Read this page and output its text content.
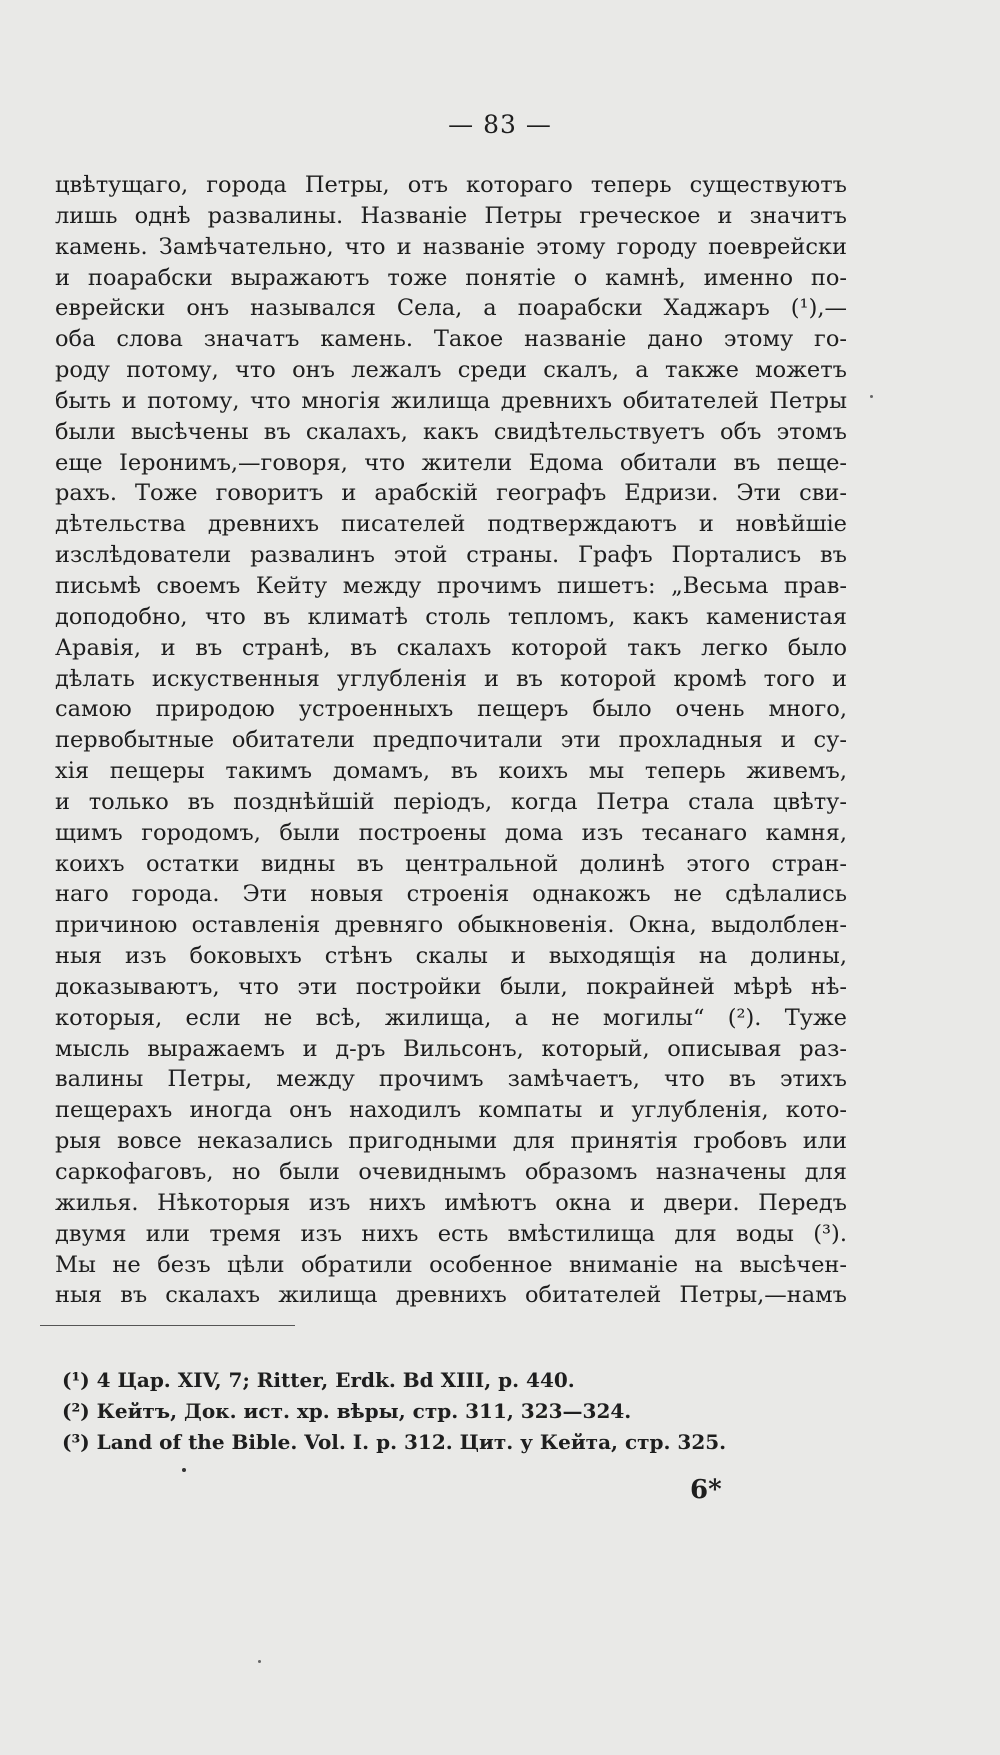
— 83 —
цвѣтущаго, города Петры, отъ котораго теперь существуютъ
лишь однѣ развалины. Названіе Петры греческое и значитъ
камень. Замѣчательно, что и названіе этому городу поеврейски
и поарабски выражаютъ тоже понятіе о камнѣ, именно по-
еврейски онъ назывался Села, а поарабски Хаджаръ (¹),—
оба слова значатъ камень. Такое названіе дано этому го-
роду потому, что онъ лежалъ среди скалъ, а также можетъ
быть и потому, что многія жилища древнихъ обитателей Петры
были высѣчены въ скалахъ, какъ свидѣтельствуетъ объ этомъ
еще Іеронимъ,—говоря, что жители Едома обитали въ пеще-
рахъ. Тоже говоритъ и арабскій географъ Едризи. Эти сви-
дѣтельства древнихъ писателей подтверждаютъ и новѣйшіе
изслѣдователи развалинъ этой страны. Графъ Порталисъ въ
письмѣ своемъ Кейту между прочимъ пишетъ: „Весьма прав-
доподобно, что въ климатѣ столь тепломъ, какъ каменистая
Аравія, и въ странѣ, въ скалахъ которой такъ легко было
дѣлать искуственныя углубленія и въ которой кромѣ того и
самою природою устроенныхъ пещеръ было очень много,
первобытные обитатели предпочитали эти прохладныя и су-
хія пещеры такимъ домамъ, въ коихъ мы теперь живемъ,
и только въ позднѣйшій періодъ, когда Петра стала цвѣту-
щимъ городомъ, были построены дома изъ тесанаго камня,
коихъ остатки видны въ центральной долинѣ этого стран-
наго города. Эти новыя строенія однакожъ не сдѣлались
причиною оставленія древняго обыкновенія. Окна, выдолблен-
ныя изъ боковыхъ стѣнъ скалы и выходящія на долины,
доказываютъ, что эти постройки были, покрайней мѣрѣ нѣ-
которыя, если не всѣ, жилища, а не могилы“ (²). Туже
мысль выражаемъ и д-ръ Вильсонъ, который, описывая раз-
валины Петры, между прочимъ замѣчаетъ, что въ этихъ
пещерахъ иногда онъ находилъ компаты и углубленія, кото-
рыя вовсе неказались пригодными для принятія гробовъ или
саркофаговъ, но были очевиднымъ образомъ назначены для
жилья. Нѣкоторыя изъ нихъ имѣютъ окна и двери. Передъ
двумя или тремя изъ нихъ есть вмѣстилища для воды (³).
Мы не безъ цѣли обратили особенное вниманіе на высѣчен-
ныя въ скалахъ жилища древнихъ обитателей Петры,—намъ
(¹) 4 Цар. XIV, 7; Ritter, Erdk. Bd XIII, p. 440.
(²) Кейтъ, Док. ист. хр. вѣры, стр. 311, 323—324.
(³) Land of the Bible. Vol. I. p. 312. Цит. у Кейта, стр. 325.
6*
